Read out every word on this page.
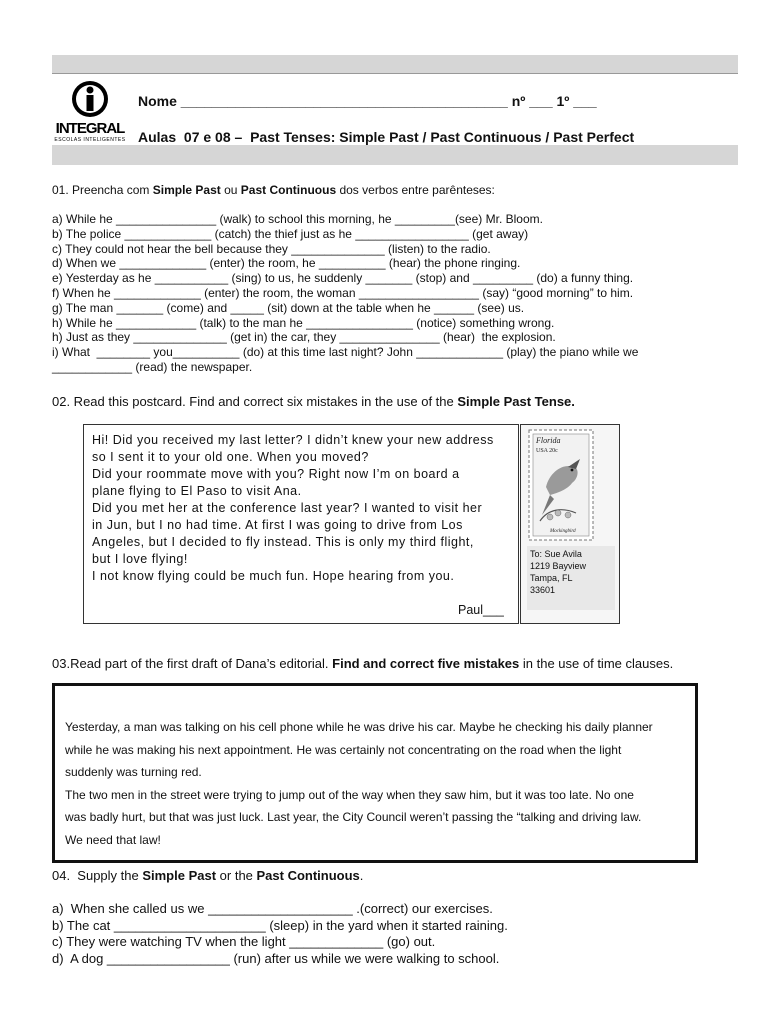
INTEGRAL
ESCOLAS INTELIGENTES
Nome __________________________________________ nº ___ 1º ___
Aulas  07 e 08 –  Past Tenses: Simple Past / Past Continuous / Past Perfect
01. Preencha com Simple Past ou Past Continuous dos verbos entre parênteses:
a) While he _______________ (walk) to school this morning, he _________(see) Mr. Bloom.
b) The police _____________ (catch) the thief just as he _________________ (get away)
c) They could not hear the bell because they ______________ (listen) to the radio.
d) When we _____________ (enter) the room, he __________ (hear) the phone ringing.
e) Yesterday as he ___________ (sing) to us, he suddenly _______ (stop) and _________ (do) a funny thing.
f) When he _____________ (enter) the room, the woman __________________ (say) “good morning” to him.
g) The man _______ (come) and _____ (sit) down at the table when he ______ (see) us.
h) While he ____________ (talk) to the man he ________________ (notice) something wrong.
h) Just as they ______________ (get in) the car, they _______________ (hear)  the explosion.
i) What  ________ you__________ (do) at this time last night? John _____________ (play) the piano while we
____________ (read) the newspaper.
02. Read this postcard. Find and correct six mistakes in the use of the Simple Past Tense.
Hi! Did you received my last letter? I didn’t knew your new address
so I sent it to your old one. When you moved?
Did your roommate move with you? Right now I’m on board a
plane flying to El Paso to visit Ana.
Did you met her at the conference last year? I wanted to visit her
in Jun, but I no had time. At first I was going to drive from Los
Angeles, but I decided to fly instead. This is only my third flight,
but I love flying!
I not know flying could be much fun. Hope hearing from you.
Paul___
Florida
USA 20c
Mockingbird
To: Sue Avila
1219 Bayview
Tampa, FL
33601
03.Read part of the first draft of Dana’s editorial. Find and correct five mistakes in the use of time clauses.
Yesterday, a man was talking on his cell phone while he was drive his car. Maybe he checking his daily planner
while he was making his next appointment. He was certainly not concentrating on the road when the light
suddenly was turning red.
The two men in the street were trying to jump out of the way when they saw him, but it was too late. No one
was badly hurt, but that was just luck. Last year, the City Council weren’t passing the “talking and driving law.
We need that law!
04.  Supply the Simple Past or the Past Continuous.
a)  When she called us we ____________________ .(correct) our exercises.
b) The cat _____________________ (sleep) in the yard when it started raining.
c) They were watching TV when the light _____________ (go) out.
d)  A dog _________________ (run) after us while we were walking to school.
